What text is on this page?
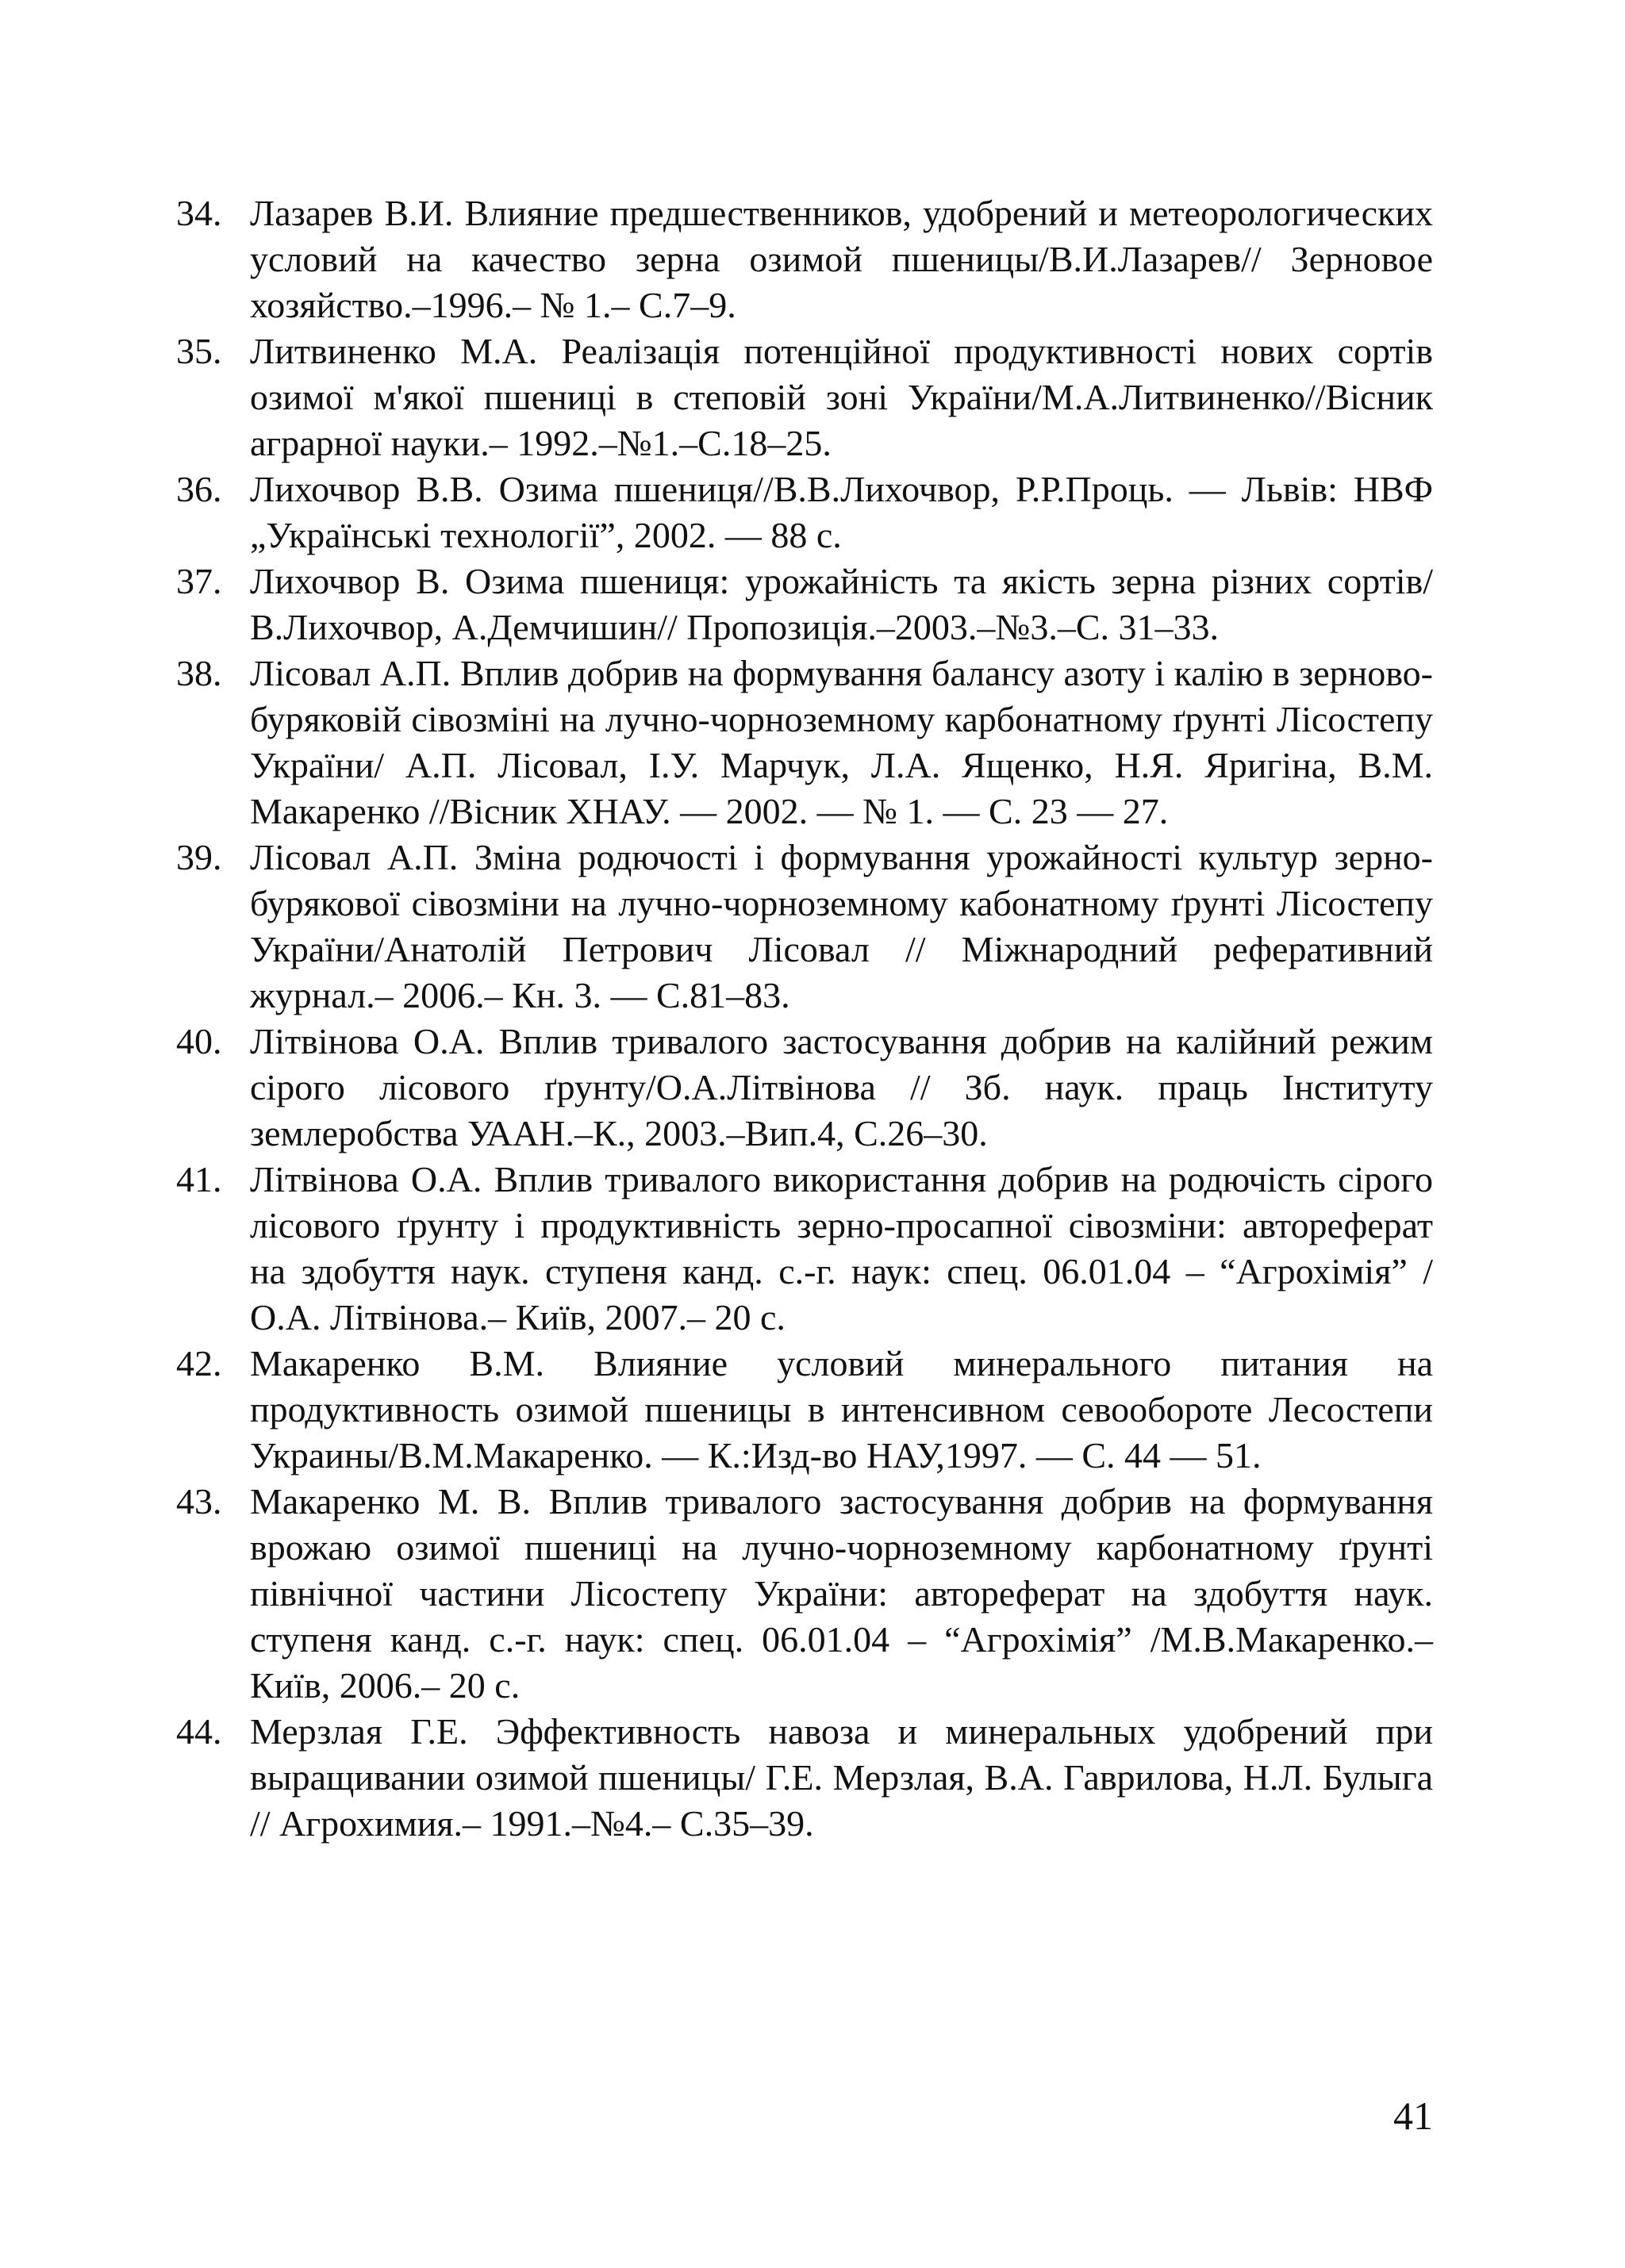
34. Лазарев В.И. Влияние предшественников, удобрений и метеорологических условий на качество зерна озимой пшеницы/В.И.Лазарев// Зерновое хозяйство.–1996.– № 1.– С.7–9.
35. Литвиненко М.А. Реалізація потенційної продуктивності нових сортів озимої м'якої пшениці в степовій зоні України/М.А.Литвиненко//Вісник аграрної науки.– 1992.–№1.–С.18–25.
36. Лихочвор В.В. Озима пшениця//В.В.Лихочвор, Р.Р.Проць. — Львів: НВФ „Українські технології”, 2002. — 88 с.
37. Лихочвор В. Озима пшениця: урожайність та якість зерна різних сортів/В.Лихочвор, А.Демчишин// Пропозиція.–2003.–№3.–С. 31–33.
38. Лісовал А.П. Вплив добрив на формування балансу азоту і калію в зерново-буряковій сівозміні на лучно-чорноземному карбонатному ґрунті Лісостепу України/ А.П. Лісовал, І.У. Марчук, Л.А. Ященко, Н.Я. Яригіна, В.М. Макаренко //Вісник ХНАУ. — 2002. — № 1. — С. 23 — 27.
39. Лісовал А.П. Зміна родючості і формування урожайності культур зерно-бурякової сівозміни на лучно-чорноземному кабонатному ґрунті Лісостепу України/Анатолій Петрович Лісовал // Міжнародний реферативний журнал.– 2006.– Кн. 3. — С.81–83.
40. Літвінова О.А. Вплив тривалого застосування добрив на калійний режим сірого лісового ґрунту/О.А.Літвінова // Зб. наук. праць Інституту землеробства УААН.–К., 2003.–Вип.4, С.26–30.
41. Літвінова О.А. Вплив тривалого використання добрив на родючість сірого лісового ґрунту і продуктивність зерно-просапної сівозміни: автореферат на здобуття наук. ступеня канд. с.-г. наук: спец. 06.01.04 – “Агрохімія” /О.А. Літвінова.– Київ, 2007.– 20 с.
42. Макаренко В.М. Влияние условий минерального питания на продуктивность озимой пшеницы в интенсивном севообороте Лесостепи Украины/В.М.Макаренко. — К.:Изд-во НАУ,1997. — С. 44 — 51.
43. Макаренко М. В. Вплив тривалого застосування добрив на формування врожаю озимої пшениці на лучно-чорноземному карбонатному ґрунті північної частини Лісостепу України: автореферат на здобуття наук. ступеня канд. с.-г. наук: спец. 06.01.04 – “Агрохімія” /М.В.Макаренко.– Київ, 2006.– 20 с.
44. Мерзлая Г.Е. Эффективность навоза и минеральных удобрений при выращивании озимой пшеницы/ Г.Е. Мерзлая, В.А. Гаврилова, Н.Л. Булыга // Агрохимия.– 1991.–№4.– С.35–39.
41
